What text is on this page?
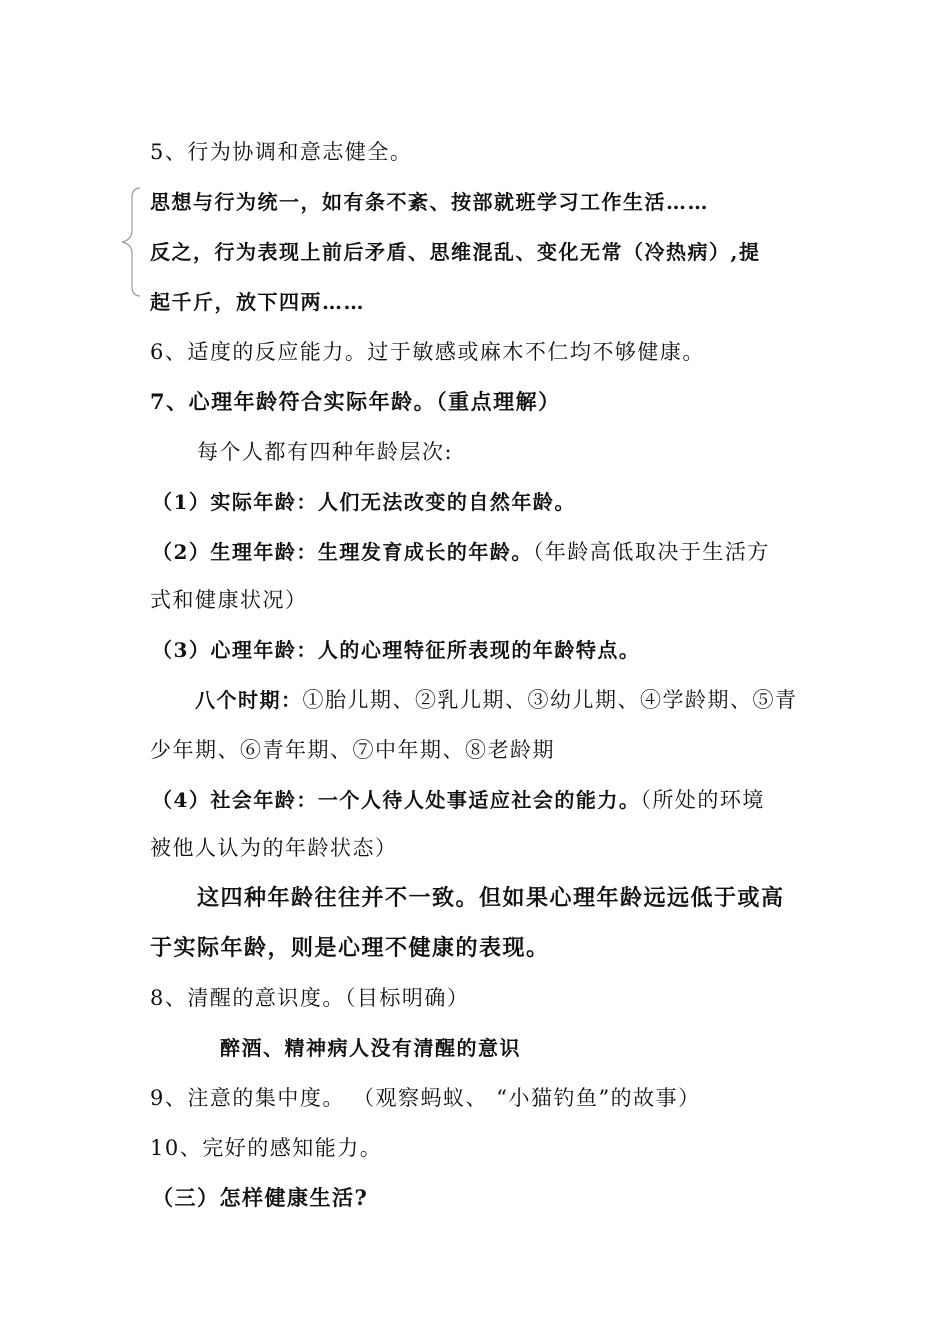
5、行为协调和意志健全。
思想与行为统一，如有条不紊、按部就班学习工作生活……
反之，行为表现上前后矛盾、思维混乱、变化无常（冷热病）,提
起千斤，放下四两……
6、适度的反应能力。过于敏感或麻木不仁均不够健康。
7、心理年龄符合实际年龄。（重点理解）
每个人都有四种年龄层次:
（1）实际年龄：人们无法改变的自然年龄。
（2）生理年龄：生理发育成长的年龄。（年龄高低取决于生活方
式和健康状况）
（3）心理年龄：人的心理特征所表现的年龄特点。
八个时期：①胎儿期、②乳儿期、③幼儿期、④学龄期、⑤青
少年期、⑥青年期、⑦中年期、⑧老龄期
（4）社会年龄：一个人待人处事适应社会的能力。（所处的环境
被他人认为的年龄状态）
这四种年龄往往并不一致。但如果心理年龄远远低于或高
于实际年龄，则是心理不健康的表现。
8、清醒的意识度。（目标明确）
醉酒、精神病人没有清醒的意识
9、注意的集中度。 （观察蚂蚁、 “小猫钓鱼”的故事）
10、完好的感知能力。
（三）怎样健康生活?
